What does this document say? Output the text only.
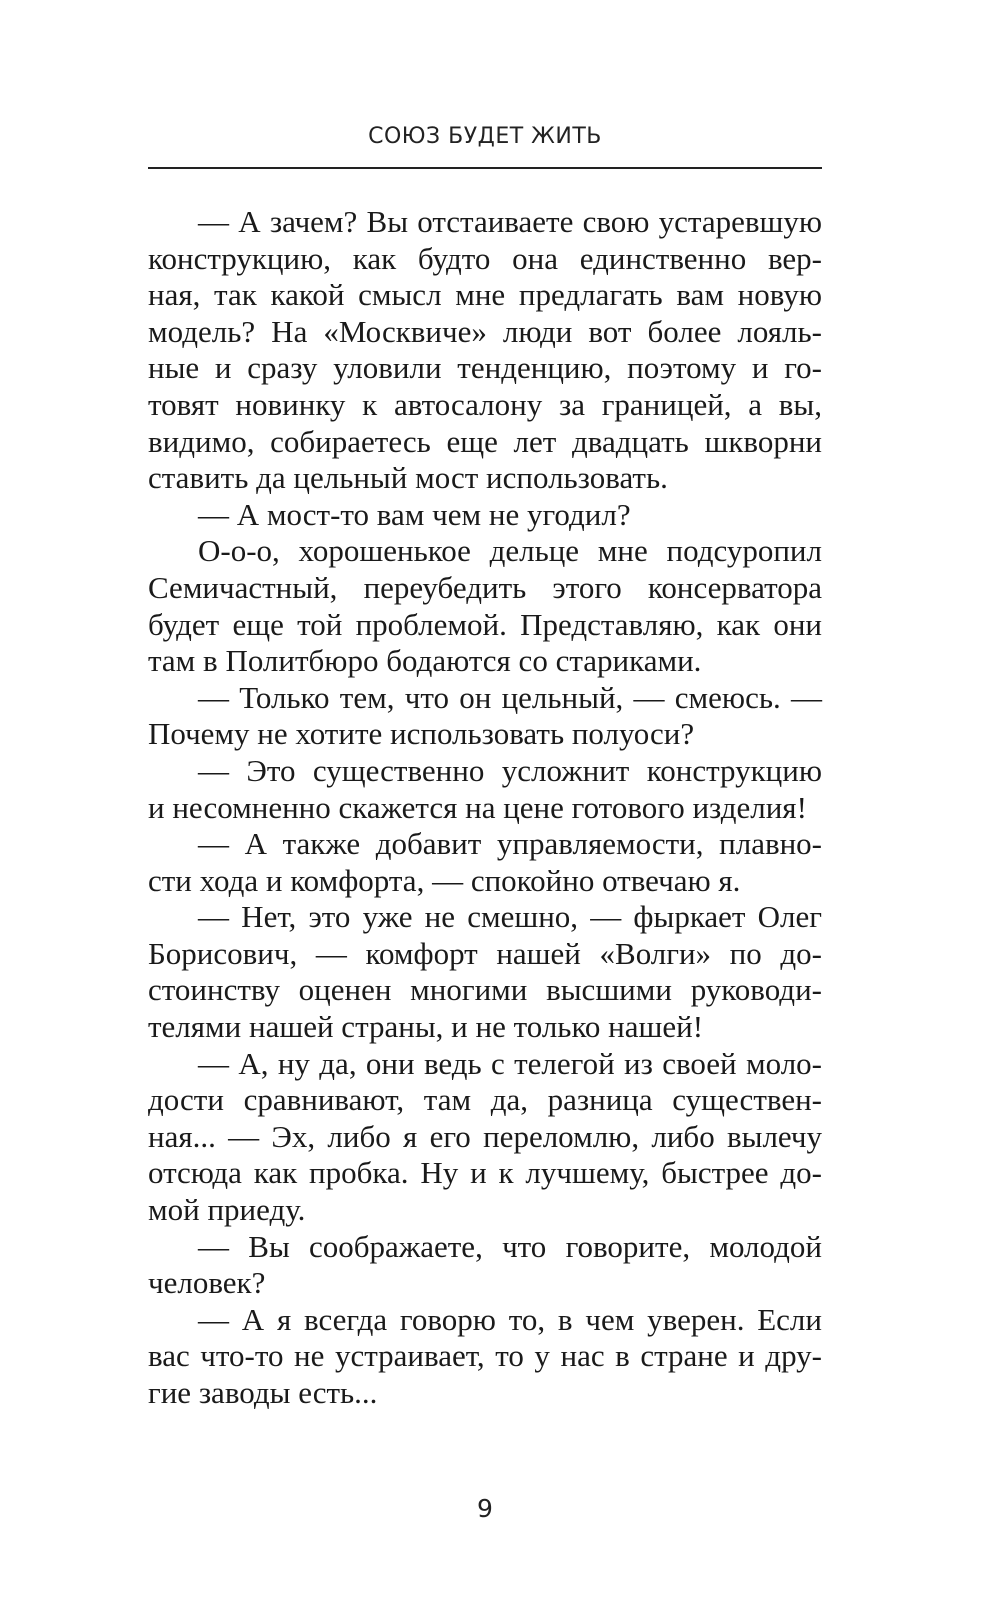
СОЮЗ БУДЕТ ЖИТЬ
— А зачем? Вы отстаиваете свою устаревшую
конструкцию, как будто она единственно вер-
ная, так какой смысл мне предлагать вам новую
модель? На «Москвиче» люди вот более лояль-
ные и сразу уловили тенденцию, поэтому и го-
товят новинку к автосалону за границей, а вы,
видимо, собираетесь еще лет двадцать шкворни
ставить да цельный мост использовать.
— А мост-то вам чем не угодил?
О-о-о, хорошенькое дельце мне подсуропил
Семичастный, переубедить этого консерватора
будет еще той проблемой. Представляю, как они
там в Политбюро бодаются со стариками.
— Только тем, что он цельный, — смеюсь. —
Почему не хотите использовать полуоси?
— Это существенно усложнит конструкцию
и несомненно скажется на цене готового изделия!
— А также добавит управляемости, плавно-
сти хода и комфорта, — спокойно отвечаю я.
— Нет, это уже не смешно, — фыркает Олег
Борисович, — комфорт нашей «Волги» по до-
стоинству оценен многими высшими руководи-
телями нашей страны, и не только нашей!
— А, ну да, они ведь с телегой из своей моло-
дости сравнивают, там да, разница существен-
ная... — Эх, либо я его переломлю, либо вылечу
отсюда как пробка. Ну и к лучшему, быстрее до-
мой приеду.
— Вы соображаете, что говорите, молодой
человек?
— А я всегда говорю то, в чем уверен. Если
вас что-то не устраивает, то у нас в стране и дру-
гие заводы есть...
9
